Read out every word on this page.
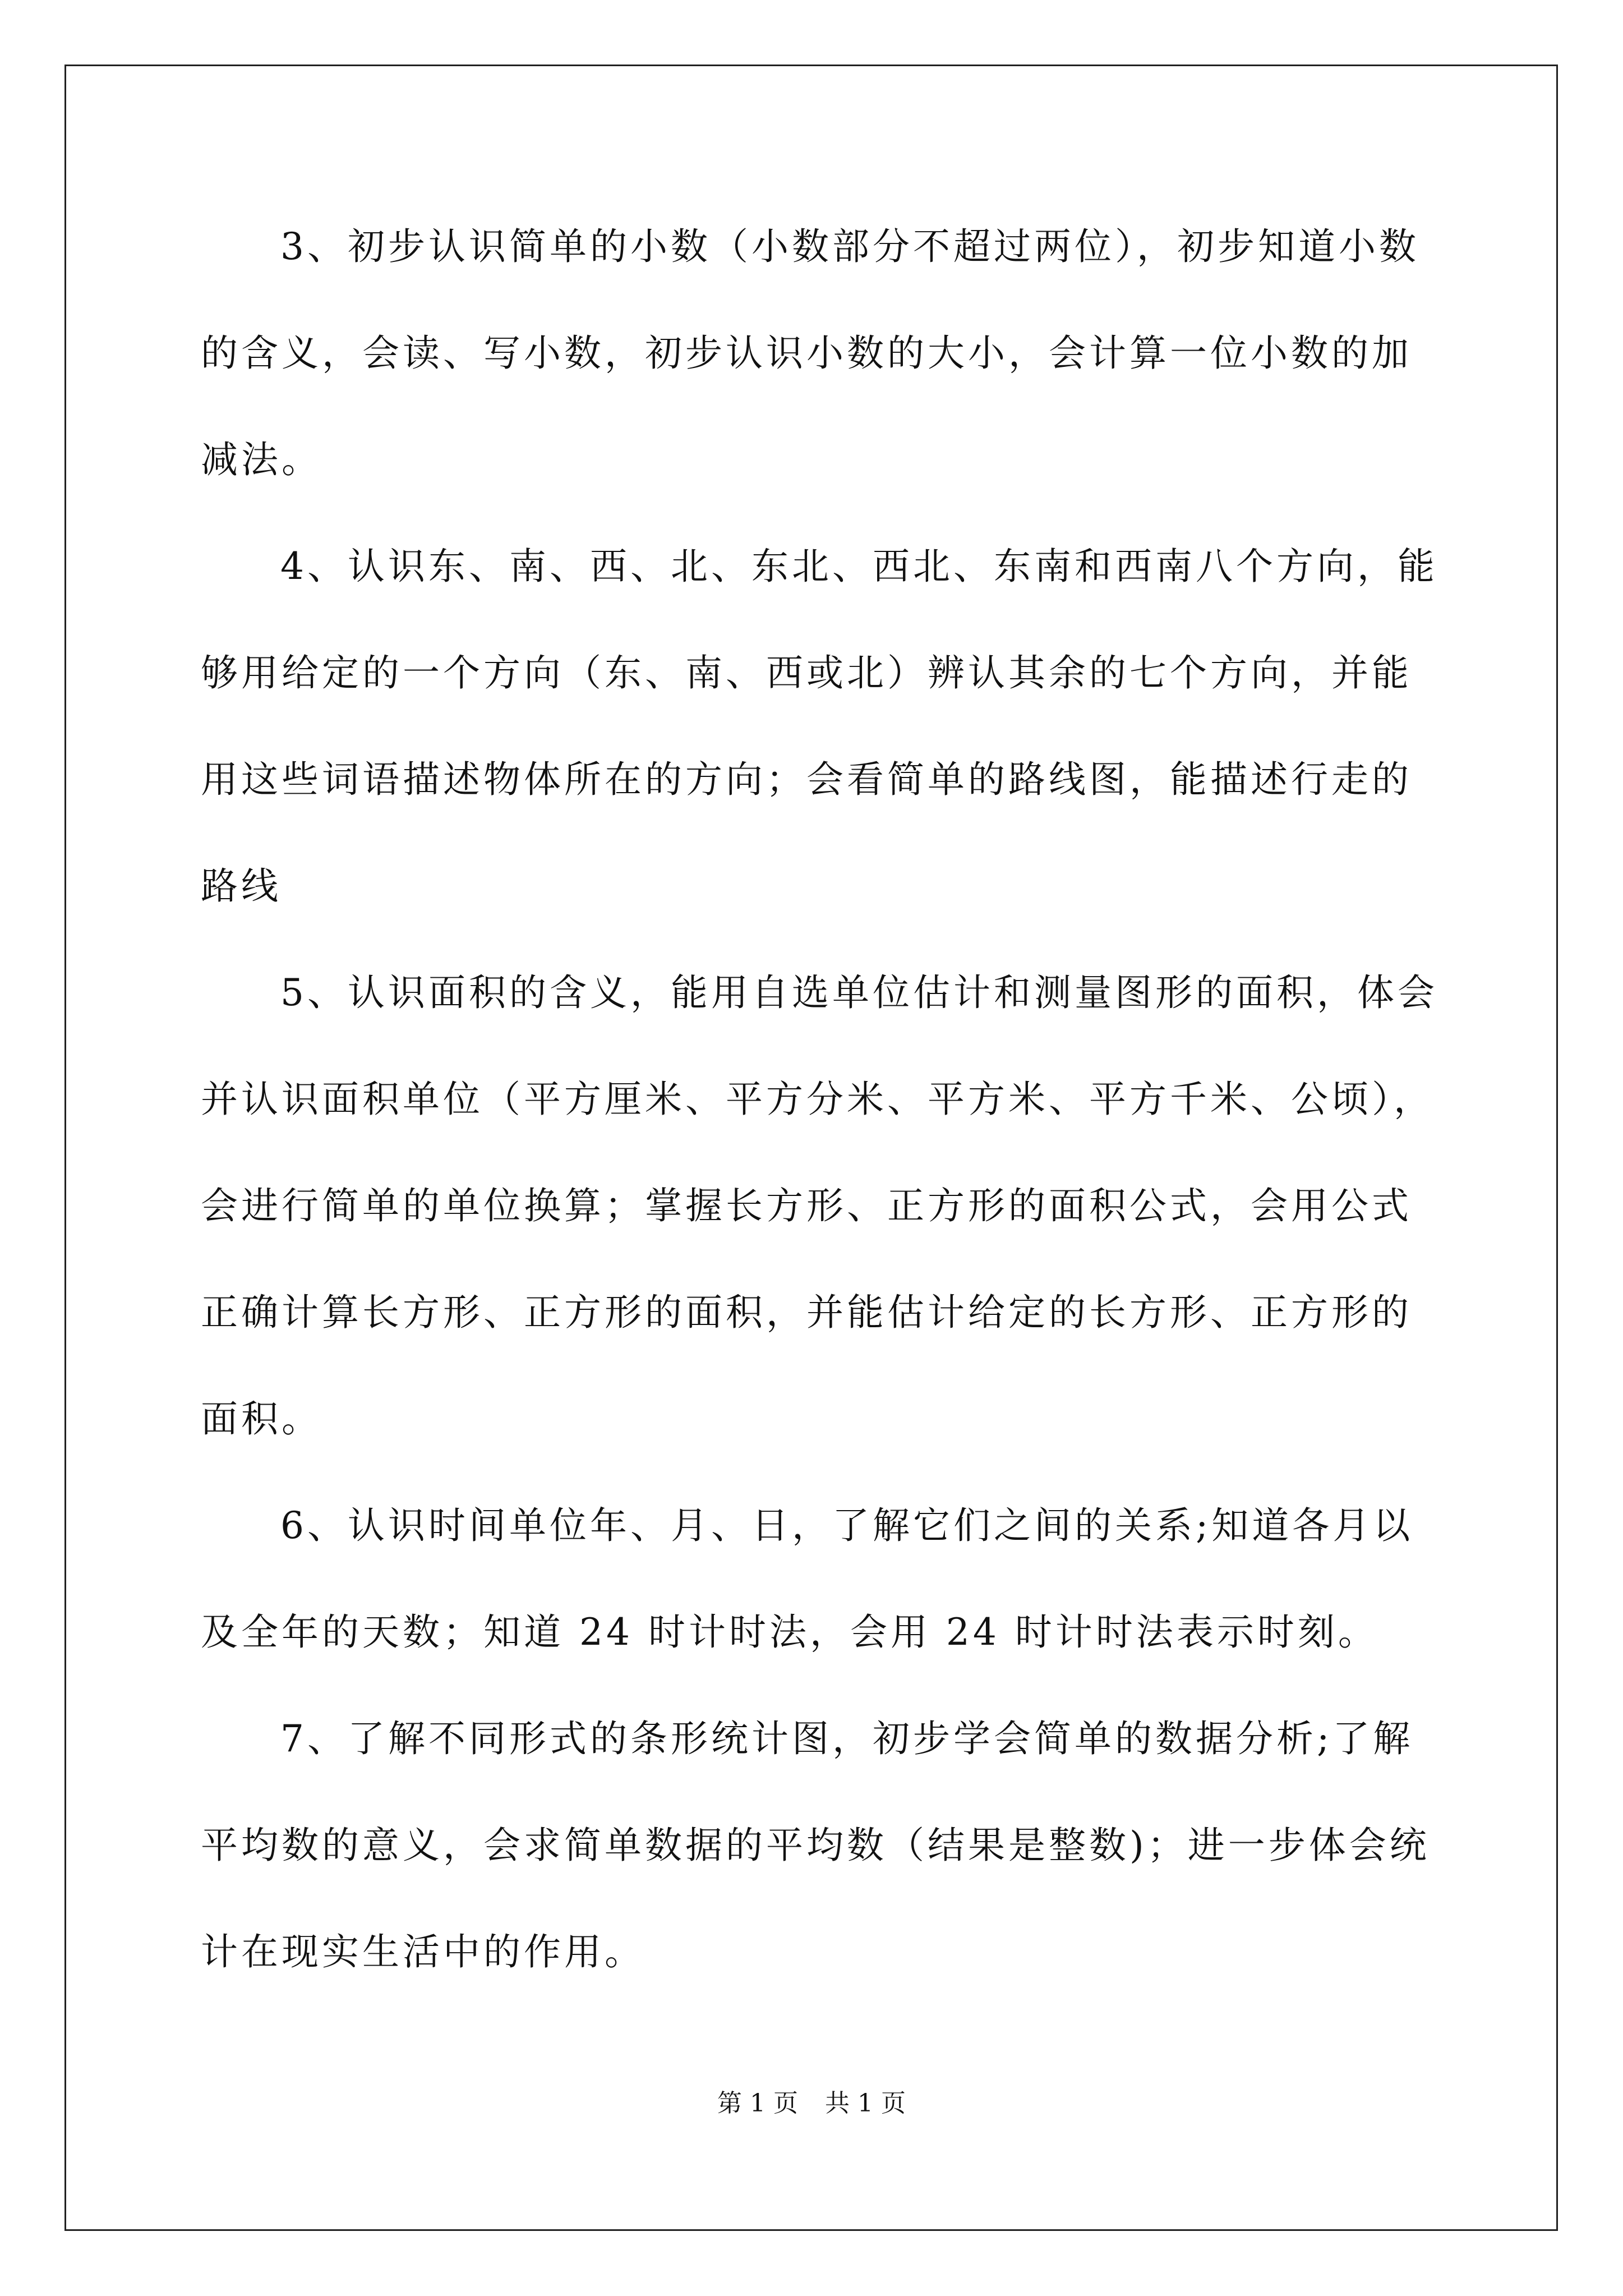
3、初步认识简单的小数（小数部分不超过两位），初步知道小数

的含义，会读、写小数，初步认识小数的大小，会计算一位小数的加

减法。

4、认识东、南、西、北、东北、西北、东南和西南八个方向，能

够用给定的一个方向（东、南、西或北）辨认其余的七个方向，并能

用这些词语描述物体所在的方向；会看简单的路线图，能描述行走的

路线

5、认识面积的含义，能用自选单位估计和测量图形的面积，体会

并认识面积单位（平方厘米、平方分米、平方米、平方千米、公顷），

会进行简单的单位换算；掌握长方形、正方形的面积公式，会用公式

正确计算长方形、正方形的面积，并能估计给定的长方形、正方形的

面积。

6、认识时间单位年、月、日，了解它们之间的关系;知道各月以

及全年的天数；知道 24 时计时法，会用 24 时计时法表示时刻。

7、了解不同形式的条形统计图，初步学会简单的数据分析;了解

平均数的意义，会求简单数据的平均数（结果是整数)；进一步体会统

计在现实生活中的作用。

第 1 页 共 1 页
